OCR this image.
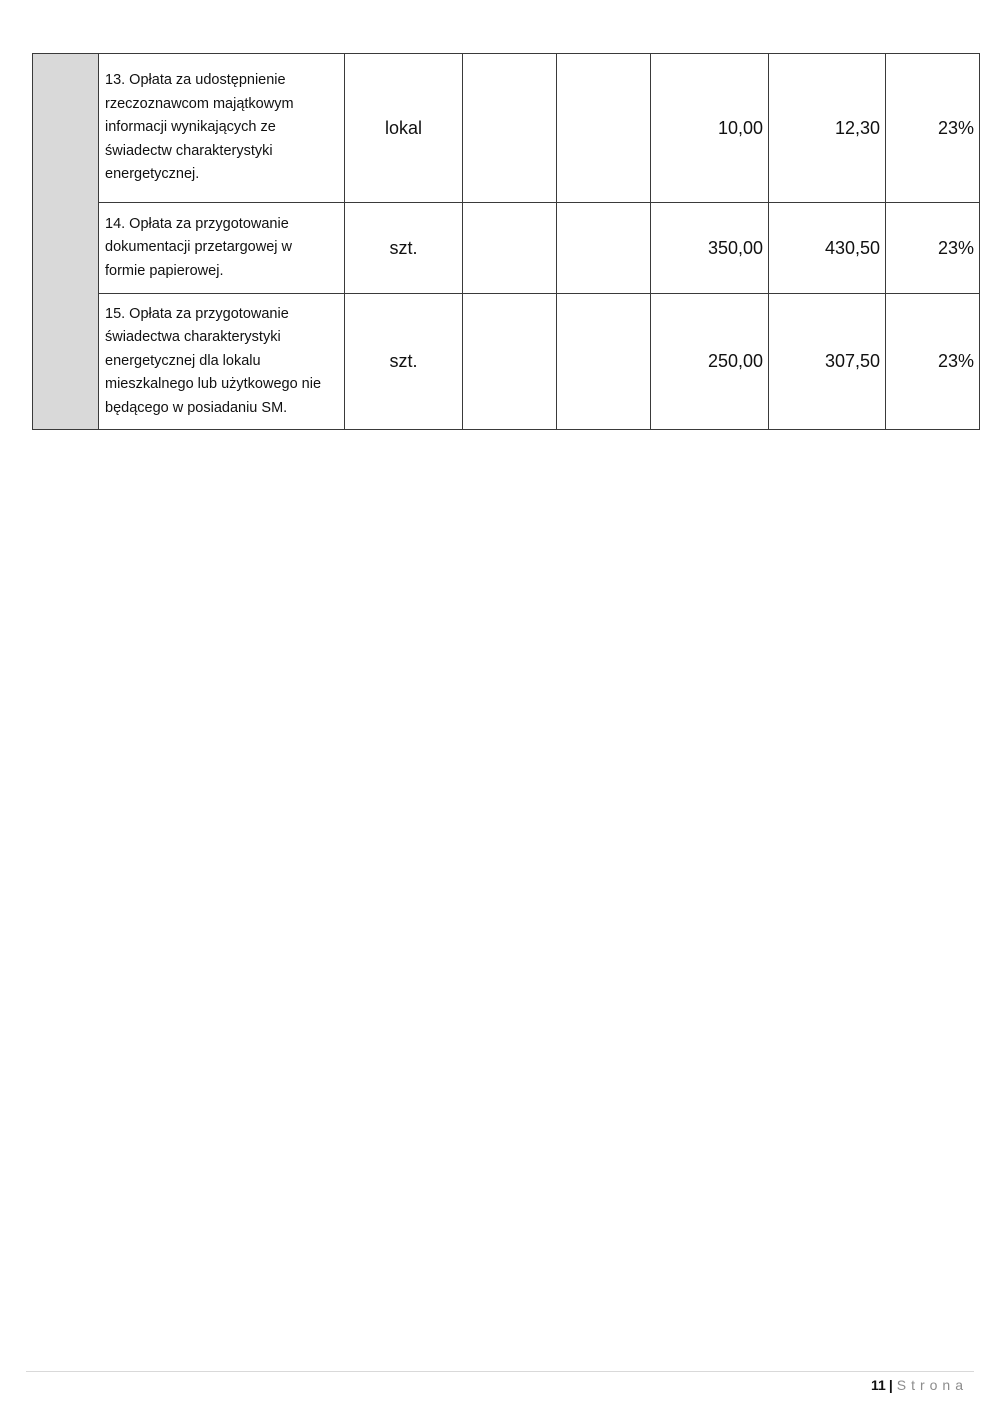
	13. Opłata za udostępnienie rzeczoznawcom majątkowym informacji wynikających ze świadectw charakterystyki energetycznej.	lokal			10,00	12,30	23%

	14. Opłata za przygotowanie dokumentacji przetargowej w formie papierowej.	szt.			350,00	430,50	23%
	15. Opłata za przygotowanie świadectwa charakterystyki energetycznej dla lokalu mieszkalnego lub użytkowego nie będącego w posiadaniu SM.	szt.			250,00	307,50	23%
11 | Strona
